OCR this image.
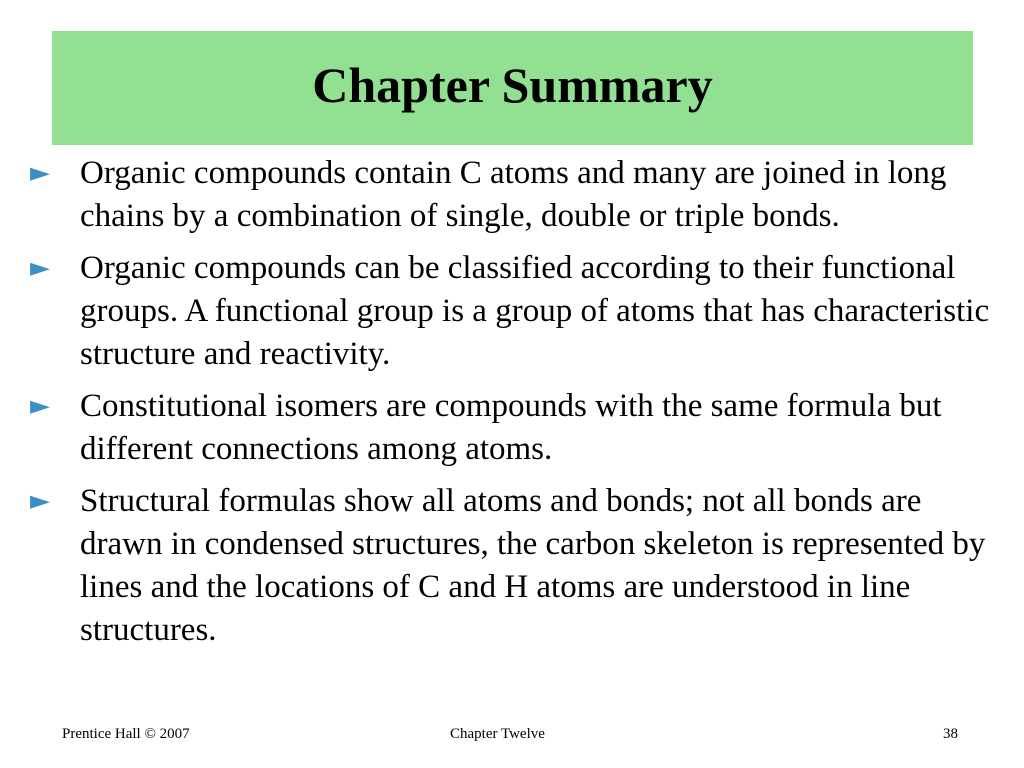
Chapter Summary
► Organic compounds contain C atoms and many are joined in long chains by a combination of single, double or triple bonds.
► Organic compounds can be classified according to their functional groups. A functional group is a group of atoms that has characteristic structure and reactivity.
► Constitutional isomers are compounds with the same formula but different connections among atoms.
► Structural formulas show all atoms and bonds; not all bonds are drawn in condensed structures, the carbon skeleton is represented by lines and the locations of C and H atoms are understood in line structures.
Prentice Hall © 2007	Chapter Twelve	38
